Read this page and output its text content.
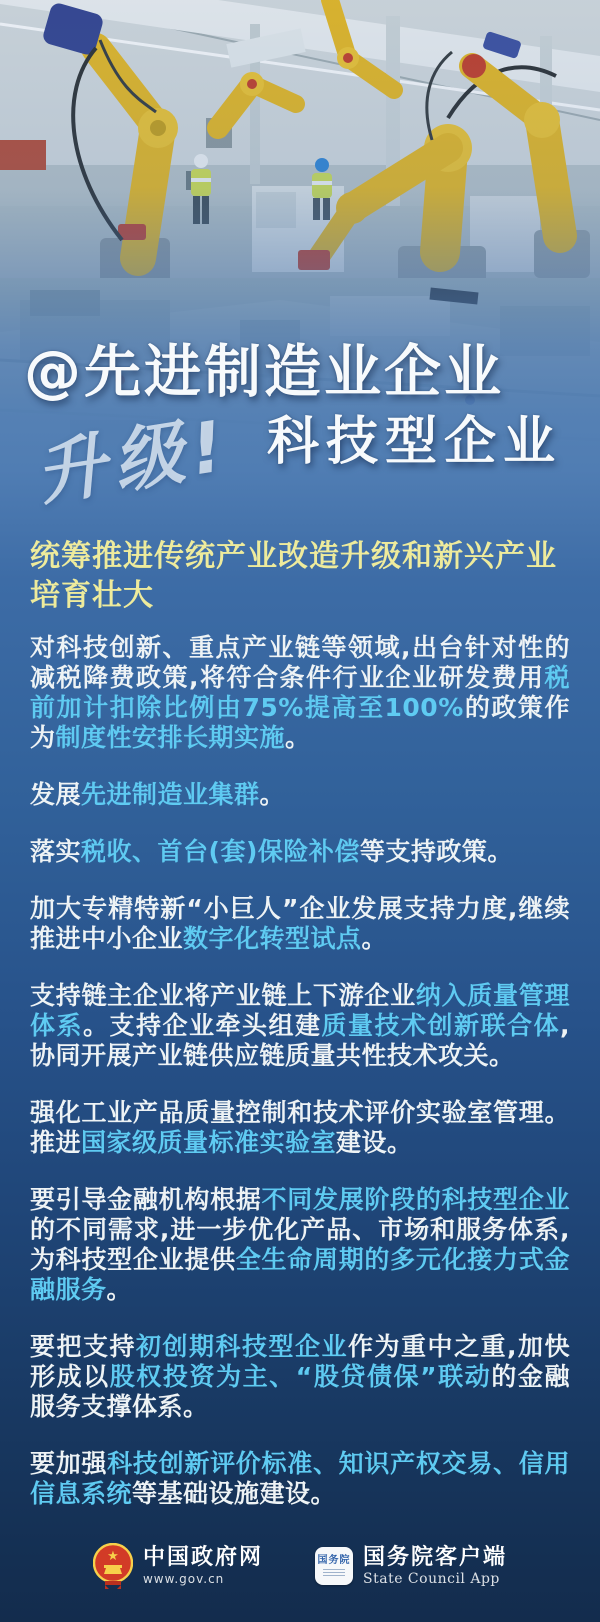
@先进制造业企业
科技型企业
升级!
统筹推进传统产业改造升级和新兴产业培育壮大

对科技创新、重点产业链等领域,出台针对性的减税降费政策,将符合条件行业企业研发费用税前加计扣除比例由75%提高至100%的政策作为制度性安排长期实施。

发展先进制造业集群。

落实税收、首台(套)保险补偿等支持政策。

加大专精特新“小巨人”企业发展支持力度,继续推进中小企业数字化转型试点。

支持链主企业将产业链上下游企业纳入质量管理体系。支持企业牵头组建质量技术创新联合体,协同开展产业链供应链质量共性技术攻关。

强化工业产品质量控制和技术评价实验室管理。推进国家级质量标准实验室建设。

要引导金融机构根据不同发展阶段的科技型企业的不同需求,进一步优化产品、市场和服务体系,为科技型企业提供全生命周期的多元化接力式金融服务。

要把支持初创期科技型企业作为重中之重,加快形成以股权投资为主、“股贷债保”联动的金融服务支撑体系。

要加强科技创新评价标准、知识产权交易、信用信息系统等基础设施建设。

★ 中国政府网
www.gov.cn
国务院 国务院客户端
State Council App
